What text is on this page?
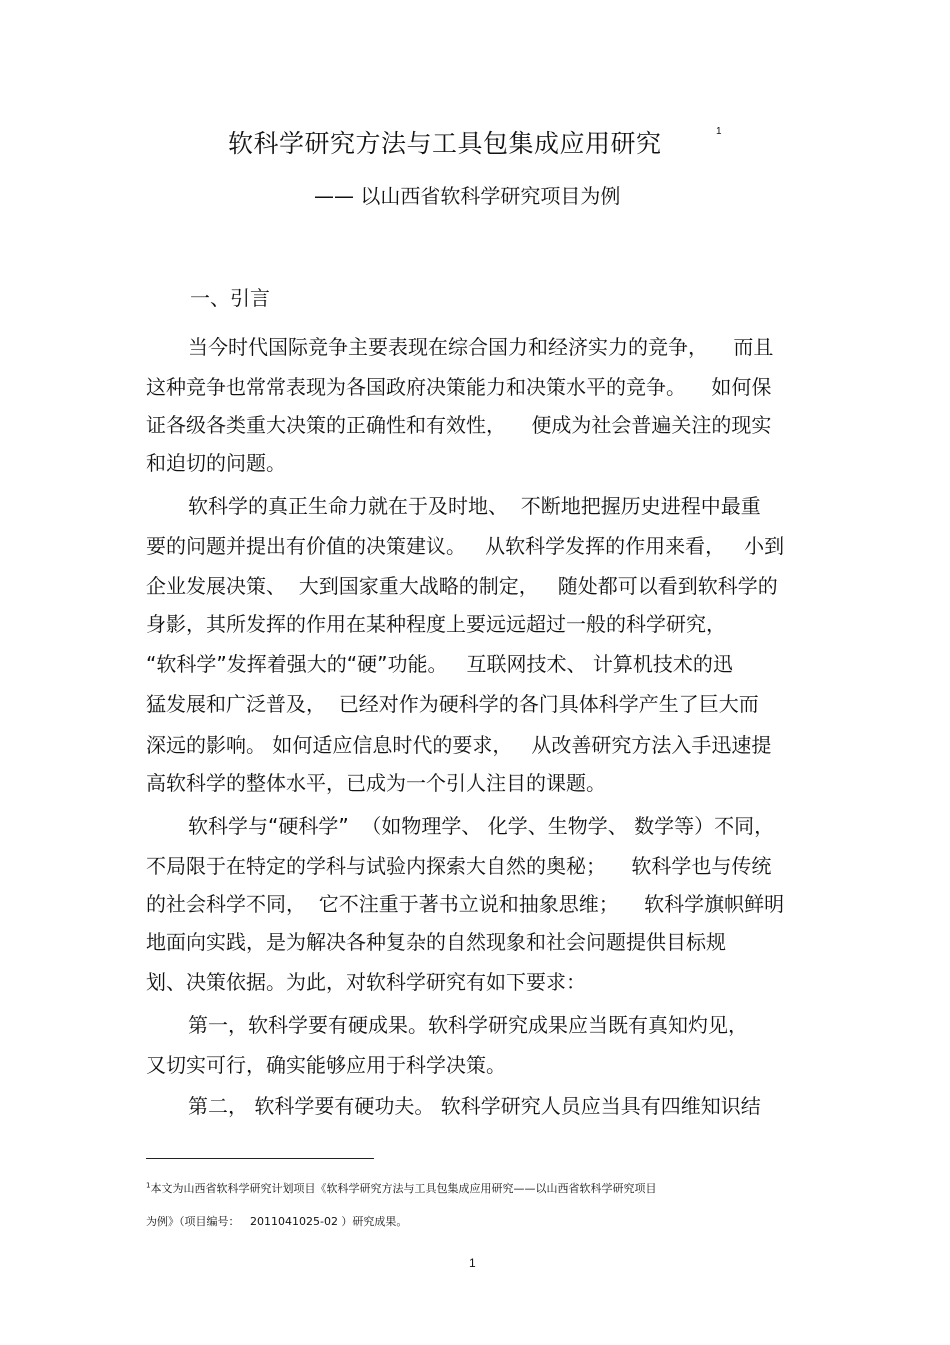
软科学研究方法与工具包集成应用研究	1
—— 以山西省软科学研究项目为例
一、引言
当今时代国际竞争主要表现在综合国力和经济实力的竞争，    而且
这种竞争也常常表现为各国政府决策能力和决策水平的竞争。    如何保
证各级各类重大决策的正确性和有效性，    便成为社会普遍关注的现实
和迫切的问题。
软科学的真正生命力就在于及时地、  不断地把握历史进程中最重
要的问题并提出有价值的决策建议。   从软科学发挥的作用来看，   小到
企业发展决策、  大到国家重大战略的制定，   随处都可以看到软科学的
身影，其所发挥的作用在某种程度上要远远超过一般的科学研究，
“软科学”发挥着强大的“硬”功能。   互联网技术、 计算机技术的迅
猛发展和广泛普及，  已经对作为硬科学的各门具体科学产生了巨大而
深远的影响。 如何适应信息时代的要求，   从改善研究方法入手迅速提
高软科学的整体水平，已成为一个引人注目的课题。
软科学与“硬科学”  （如物理学、 化学、生物学、 数学等）不同，
不局限于在特定的学科与试验内探索大自然的奥秘；    软科学也与传统
的社会科学不同，  它不注重于著书立说和抽象思维；    软科学旗帜鲜明
地面向实践，是为解决各种复杂的自然现象和社会问题提供目标规
划、决策依据。为此，对软科学研究有如下要求：
第一，软科学要有硬成果。软科学研究成果应当既有真知灼见，
又切实可行，确实能够应用于科学决策。
第二， 软科学要有硬功夫。 软科学研究人员应当具有四维知识结
$^1$本文为山西省软科学研究计划项目《软科学研究方法与工具包集成应用研究——以山西省软科学研究项目
为例》（项目编号：   2011041025-02 ）研究成果。
1
